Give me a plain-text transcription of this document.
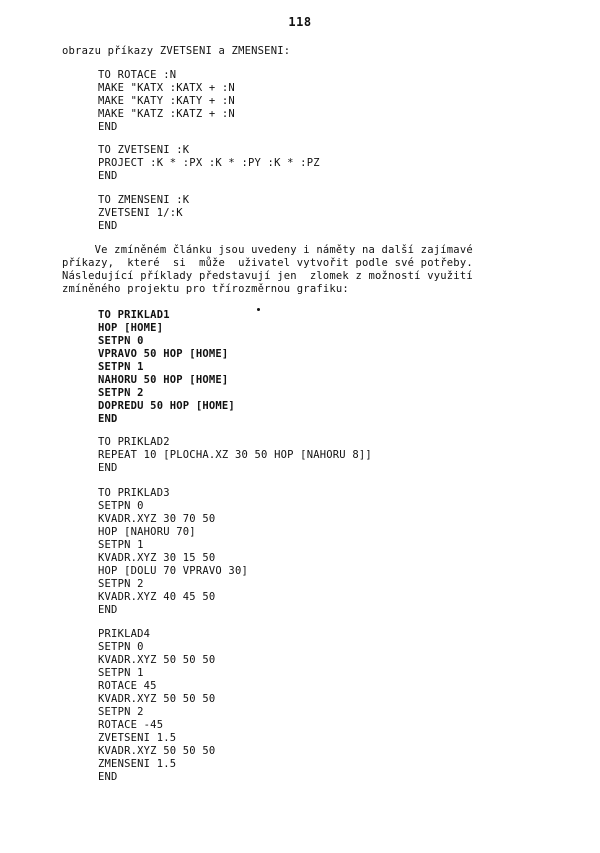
118
obrazu příkazy ZVETSENI a ZMENSENI:
TO ROTACE :N
MAKE "KATX :KATX + :N
MAKE "KATY :KATY + :N
MAKE "KATZ :KATZ + :N
END
TO ZVETSENI :K
PROJECT :K * :PX :K * :PY :K * :PZ
END
TO ZMENSENI :K
ZVETSENI 1/:K
END
Ve zmíněném článku jsou uvedeny i náměty na další zajímavé
příkazy,  které  si  může  uživatel vytvořit podle své potřeby.
Následující příklady představují jen  zlomek z možností využití
zmíněného projektu pro třírozměrnou grafiku:
TO PRIKLAD1
HOP [HOME]
SETPN 0
VPRAVO 50 HOP [HOME]
SETPN 1
NAHORU 50 HOP [HOME]
SETPN 2
DOPREDU 50 HOP [HOME]
END
TO PRIKLAD2
REPEAT 10 [PLOCHA.XZ 30 50 HOP [NAHORU 8]]
END
TO PRIKLAD3
SETPN 0
KVADR.XYZ 30 70 50
HOP [NAHORU 70]
SETPN 1
KVADR.XYZ 30 15 50
HOP [DOLU 70 VPRAVO 30]
SETPN 2
KVADR.XYZ 40 45 50
END
PRIKLAD4
SETPN 0
KVADR.XYZ 50 50 50
SETPN 1
ROTACE 45
KVADR.XYZ 50 50 50
SETPN 2
ROTACE -45
ZVETSENI 1.5
KVADR.XYZ 50 50 50
ZMENSENI 1.5
END
